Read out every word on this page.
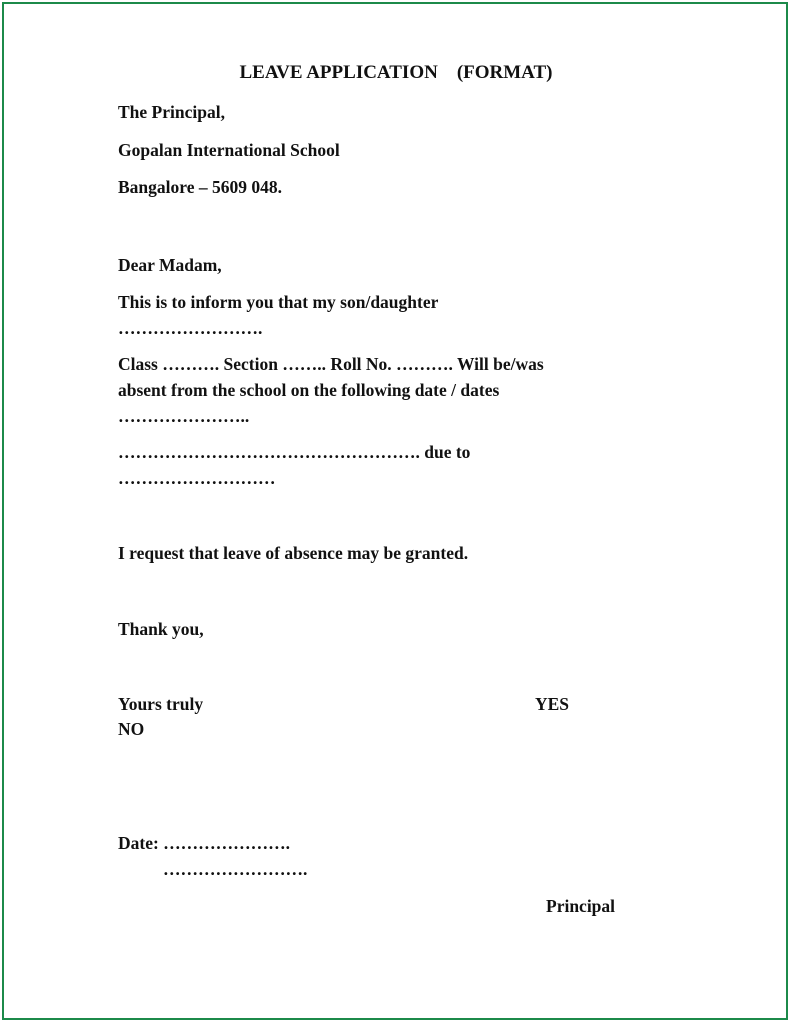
LEAVE APPLICATION (FORMAT)
The Principal,
Gopalan International School
Bangalore – 5609 048.
Dear Madam,
This is to inform you that my son/daughter
…………………….
Class ………. Section …….. Roll No. ………. Will be/was
absent from the school on the following date / dates
…………………..
……………………………………………. due to
………………………
I request that leave of absence may be granted.
Thank you,
Yours truly	YES
NO
Date: ………………….
…………………….
Principal
